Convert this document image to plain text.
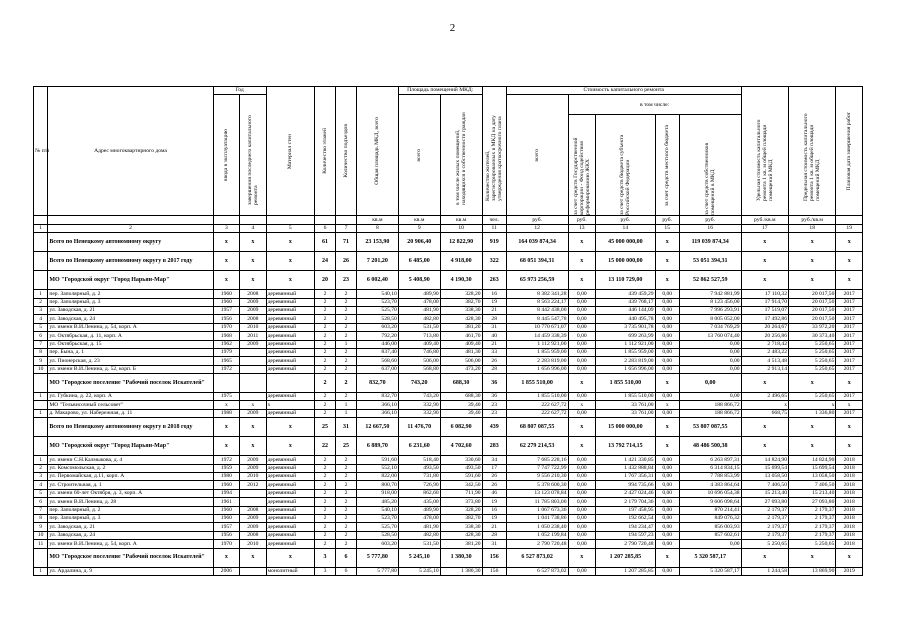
2
№ п/п	Адрес многоквартирного дома	Год		Материал стен	Количество этажей	Количество подъездов	Общая площадь МКД, всего	Площадь помещений МКД:		Количество жителей, зарегистрированных в МКД на дату утверждения краткосрочного плана	Стоимость капитального ремонта					Удельная стоимость капитального ремонта 1 кв. м общей площади помещений МКД	Предельная стоимость капитального ремонта 1 кв. м общей площади помещений МКД	Плановая дата завершения работ

		ввода в эксплуатацию	завершения последнего капитального ремонта					всего	в том числе жилых помещений, находящихся в собственности граждан		всего	в том числе:						

												за счет средств Государственной корпорации - Фонд содействия реформированию ЖКХ	за счет средств бюджета субъекта Российской Федерации	за счет средств местного бюджета	за счет средств собственников помещений в МКД			

							кв.м	кв.м	кв.м	чел.	руб.	руб.	руб.	руб.	руб.	руб./кв.м	руб./кв.м	
1	2	3	4	5	6	7	8	9	10	11	12	13	14	15	16	17	18	19
	Всего по Ненецкому автономному округу	x	x	x	61	71	23 153,90	20 906,40	12 822,90	919	164 039 874,34	x	45 000 000,00	x	119 039 874,34	x	x	x
	Всего по Ненецкому автономному округу в 2017 году	x	x	x	24	26	7 201,20	6 485,00	4 918,00	322	68 051 394,31	x	15 000 000,00	x	53 051 394,31	x	x	x
	МО "Городской округ "Город Нарьян-Мар"	x	x	x	20	23	6 002,40	5 408,90	4 190,30	263	65 973 256,59	x	13 110 729,00	x	52 862 527,59	x	x	x
1	пер. Заполярный, д. 2	1960	2008	деревянный	2	2	540,10	489,90	328,20	16	8 382 341,28	0,00	439 459,29	0,00	7 942 881,99	17 110,32	20 017,50	2017
2	пер. Заполярный, д. 3	1960	2009	деревянный	2	2	523,70	478,00	382,70	19	8 563 224,17	0,00	439 768,17	0,00	8 123 456,00	17 914,70	20 017,50	2017
3	ул. Заводская, д. 21	1957	2009	деревянный	2	2	525,70	481,90	338,30	21	8 442 438,00	0,00	446 144,09	0,00	7 996 293,91	17 519,07	20 017,50	2017
4	ул. Заводская, д. 24	1956	2008	деревянный	2	2	528,50	482,80	428,30	28	8 445 547,78	0,00	440 495,78	0,00	8 005 052,00	17 492,86	20 017,50	2017
5	ул. имени В.И.Ленина, д. 54, корп. А	1970	2010	деревянный	2	2	603,20	531,50	381,20	31	10 770 671,07	0,00	3 735 901,78	0,00	7 034 769,29	20 264,67	33 972,20	2017
6	ул. Октябрьская, д. 11, корп. А	1968	2011	деревянный	2	2	792,20	713,80	461,70	40	14 459 338,39	0,00	699 263,99	0,00	13 760 074,40	20 256,86	30 373,40	2017
7	ул. Октябрьская, д. 15	1962	2009	деревянный	2	1	446,00	409,40	409,40	21	1 112 921,00	0,00	1 112 921,00	0,00	0,00	2 718,42	5 250,65	2017
8	пер. Бына, д. 1	1979		деревянный	2	2	837,40	746,80	481,30	33	1 855 959,00	0,00	1 855 959,00	0,00	0,00	2 483,22	5 250,65	2017
9	ул. Пионерская, д. 23	1965		деревянный	2	2	568,60	506,00	506,00	26	2 283 819,00	0,00	2 283 819,00	0,00	0,00	4 513,48	5 250,65	2017
10	ул. имени В.И.Ленина, д. 52, корп. Б	1972		деревянный	2	2	637,00	568,80	473,20	28	1 656 996,00	0,00	1 656 996,00	0,00	0,00	2 913,14	5 250,65	2017
	МО "Городское поселение "Рабочий поселок Искателей"				2	2	832,70	743,20	688,30	36	1 855 510,00	x	1 855 510,00	x	0,00	x	x	x
1	ул. Губкина, д. 22, корп. А	1975		деревянный	2	2	832,70	743,20	688,30	36	1 855 510,00	0,00	1 855 510,00	0,00	0,00	2 496,65	5 250,65	2017
	МО "Тельвисочный сельсовет"	x	x	x	2	1	366,10	332,90	39,40	23	222 627,72	x	33 761,00	x	188 866,72	x	x	x
1	д. Макарово, ул. Набережная, д. 11	1988	2009	деревянный	2	1	366,10	332,90	39,40	23	222 627,72	0,00	33 761,00	0,00	188 866,72	668,75	1 336,80	2017
	Всего по Ненецкому автономному округу в 2018 году	x	x	x	25	31	12 667,50	11 476,70	6 082,90	439	68 807 087,55	x	15 000 000,00	x	53 807 087,55	x	x	x
	МО "Городской округ "Город Нарьян-Мар"	x	x	x	22	25	6 889,70	6 231,60	4 702,60	283	62 279 214,53	x	13 792 714,15	x	48 486 500,38	x	x	x
1	ул. имени С.Н.Калмыкова, д. 4	1972	2009	деревянный	2	2	591,60	518,40	330,60	34	7 685 228,16	0,00	1 421 330,85	0,00	6 263 897,31	14 824,90	14 824,90	2018
2	ул. Комсомольская, д. 2	1959	2009	деревянный	2	2	552,10	493,50	493,50	17	7 747 722,99	0,00	1 432 888,84	0,00	6 314 834,15	15 699,54	15 699,54	2018
3	ул. Первомайская, д.11, корп. А	1980	2010	деревянный	2	2	822,00	731,80	591,60	26	9 556 210,30	0,00	1 767 356,31	0,00	7 788 853,99	13 058,50	13 058,50	2018
4	ул. Строительная, д. 1	1960	2012	деревянный	2	2	800,70	726,90	342,50	26	5 378 600,30	0,00	994 735,66	0,00	4 383 864,64	7 406,50	7 406,50	2018
5	ул. имени 60-лет Октября, д. 3, корп. А	1994		деревянный	2	2	918,00	862,60	711,90	46	13 123 078,84	0,00	2 427 024,46	0,00	10 696 054,38	15 213,40	15 213,40	2018
6	ул. имени В.И.Ленина, д. 28	1961		деревянный	2	2	485,20	435,00	373,80	19	11 785 803,00	0,00	2 179 704,36	0,00	9 606 098,64	27 093,80	27 093,80	2018
7	пер. Заполярный, д. 2	1960	2008	деревянный	2	2	540,10	489,90	328,20	16	1 067 673,36	0,00	197 458,95	0,00	870 214,41	2 179,37	2 179,37	2018
8	пер. Заполярный, д. 3	1960	2009	деревянный	2	2	523,70	478,00	382,70	19	1 041 738,86	0,00	192 662,54	0,00	849 076,32	2 179,37	2 179,37	2018
9	ул. Заводская, д. 21	1957	2009	деревянный	2	2	525,70	481,90	338,30	21	1 050 238,40	0,00	194 234,47	0,00	856 003,93	2 179,37	2 179,37	2018
10	ул. Заводская, д. 24	1956	2008	деревянный	2	2	528,50	482,80	428,30	28	1 052 199,84	0,00	194 597,23	0,00	857 602,61	2 179,37	2 179,37	2018
11	ул. имени В.И.Ленина, д. 54, корп. А	1970	2010	деревянный	2	2	603,20	531,50	381,20	31	2 790 720,48	0,00	2 790 720,48	0,00	0,00	5 250,65	5 250,65	2018
	МО "Городское поселение "Рабочий поселок Искателей"	x	x	x	3	6	5 777,80	5 245,10	1 380,30	156	6 527 873,02	x	1 207 285,85	x	5 320 587,17	x	x	x
1	ул. Ардалина, д. 9	2006		монолитный	3	6	5 777,80	5 245,10	1 380,30	156	6 527 873,02	0,00	1 207 285,85	0,00	5 320 587,17	1 244,58	13 869,90	2019
